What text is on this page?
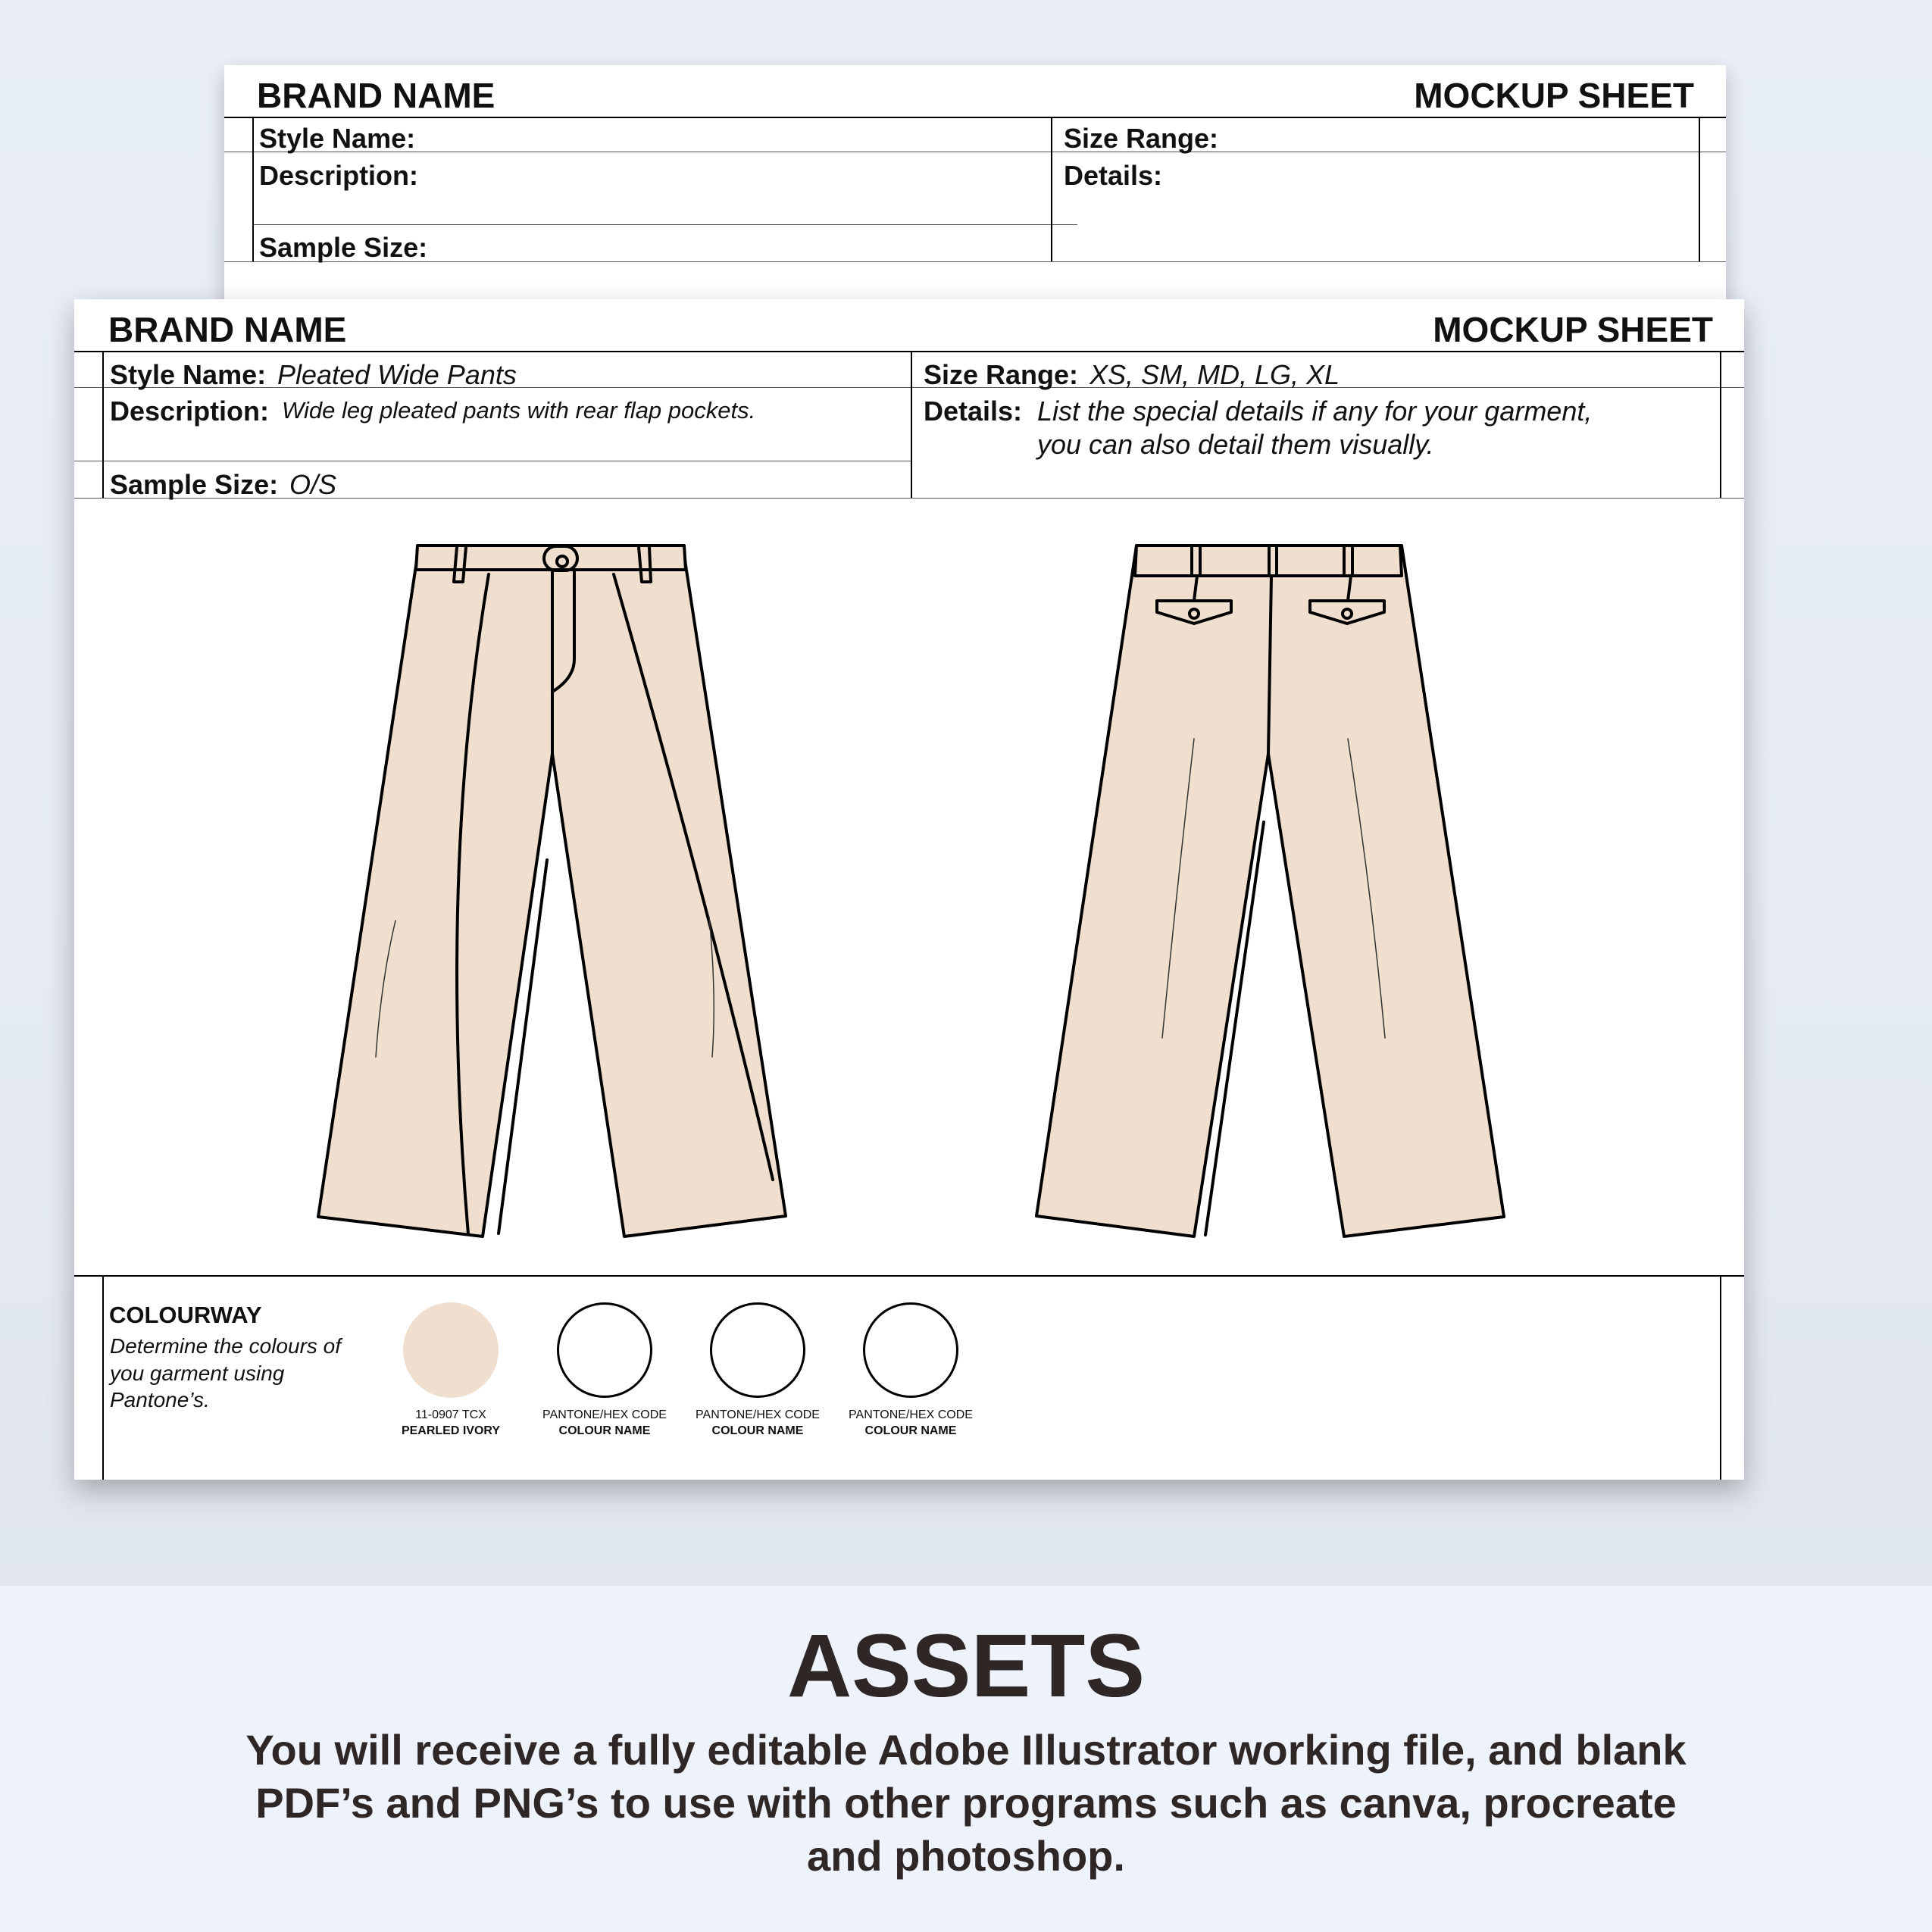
BRAND NAME	MOCKUP SHEET
Style Name:
Description:
Sample Size:
Size Range:
Details:
BRAND NAME	MOCKUP SHEET
Style Name: Pleated Wide Pants
Description: Wide leg pleated pants with rear flap pockets.
Sample Size: O/S
Size Range: XS, SM, MD, LG, XL
Details: List the special details if any for your garment,
you can also detail them visually.
COLOURWAY
Determine the colours of you garment using Pantone’s.
11-0907 TCX
PEARLED IVORY
PANTONE/HEX CODE
COLOUR NAME
PANTONE/HEX CODE
COLOUR NAME
PANTONE/HEX CODE
COLOUR NAME
ASSETS
You will receive a fully editable Adobe Illustrator working file, and blank PDF’s and PNG’s to use with other programs such as canva, procreate and photoshop.
